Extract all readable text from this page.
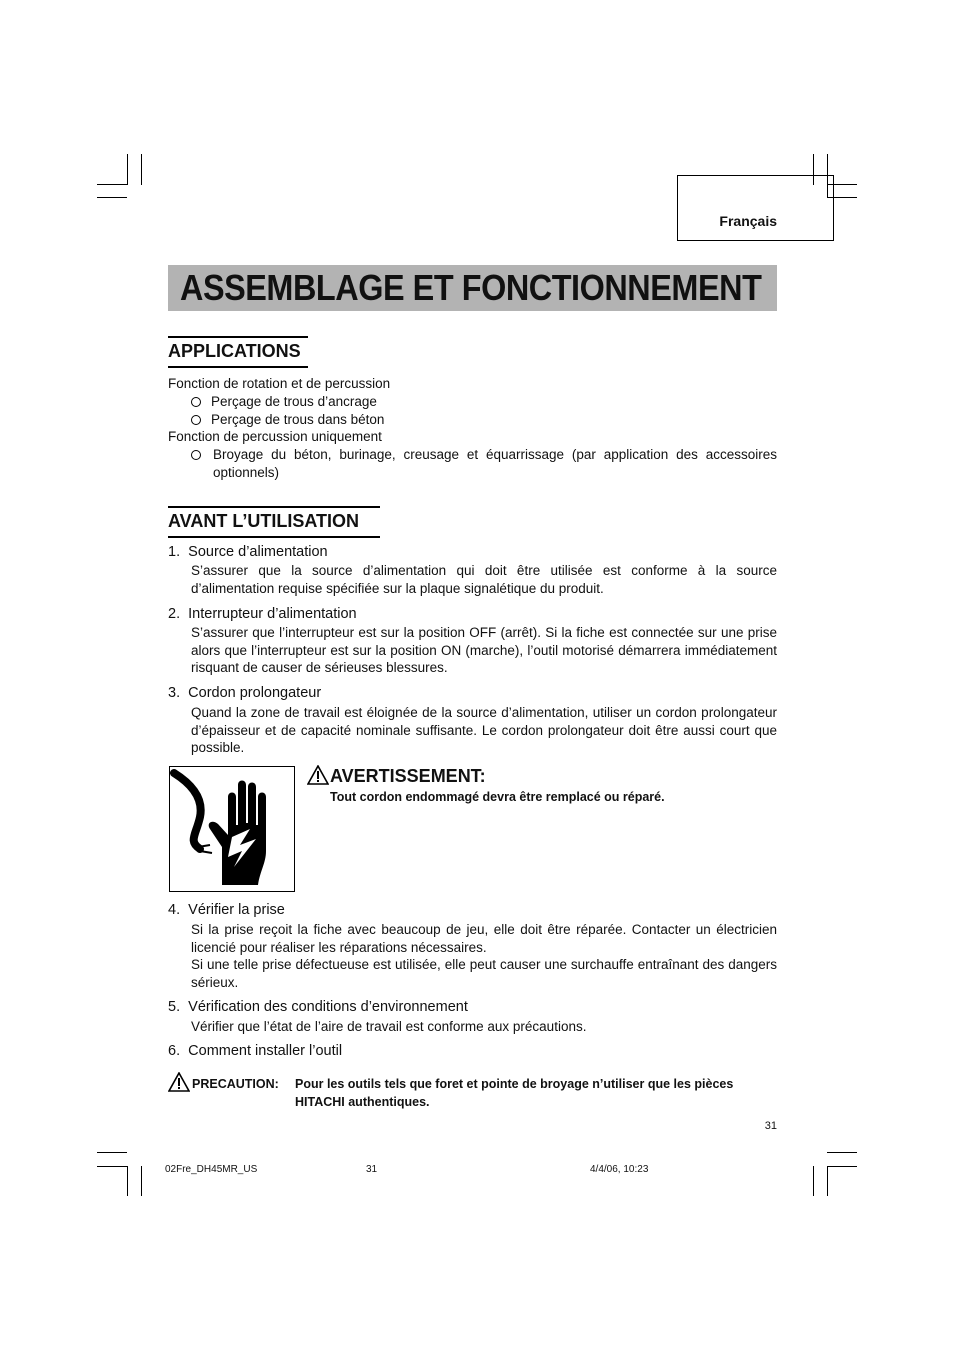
Français
ASSEMBLAGE ET FONCTIONNEMENT
APPLICATIONS
Fonction de rotation et de percussion
Perçage de trous d’ancrage
Perçage de trous dans béton
Fonction de percussion uniquement
Broyage du béton, burinage, creusage et équarrissage (par application des accessoires optionnels)
AVANT L’UTILISATION
1. Source d’alimentation
S’assurer que la source d’alimentation qui doit être utilisée est conforme à la source d’alimentation requise spécifiée sur la plaque signalétique du produit.
2. Interrupteur d’alimentation
S’assurer que l’interrupteur est sur la position OFF (arrêt). Si la fiche est connectée sur une prise alors que l’interrupteur est sur la position ON (marche), l’outil motorisé démarrera immédiatement risquant de causer de sérieuses blessures.
3. Cordon prolongateur
Quand la zone de travail est éloignée de la source d’alimentation, utiliser un cordon prolongateur d’épaisseur et de capacité nominale suffisante. Le cordon prolongateur doit être aussi court que possible.
AVERTISSEMENT:
Tout cordon endommagé devra être remplacé ou réparé.
4. Vérifier la prise
Si la prise reçoit la fiche avec beaucoup de jeu, elle doit être réparée. Contacter un électricien licencié pour réaliser les réparations nécessaires.
Si une telle prise défectueuse est utilisée, elle peut causer une surchauffe entraînant des dangers sérieux.
5. Vérification des conditions d’environnement
Vérifier que l’état de l’aire de travail est conforme aux précautions.
6. Comment installer l’outil
PRECAUTION: Pour les outils tels que foret et pointe de broyage n’utiliser que les pièces
HITACHI authentiques.
31
02Fre_DH45MR_US	31	4/4/06, 10:23
